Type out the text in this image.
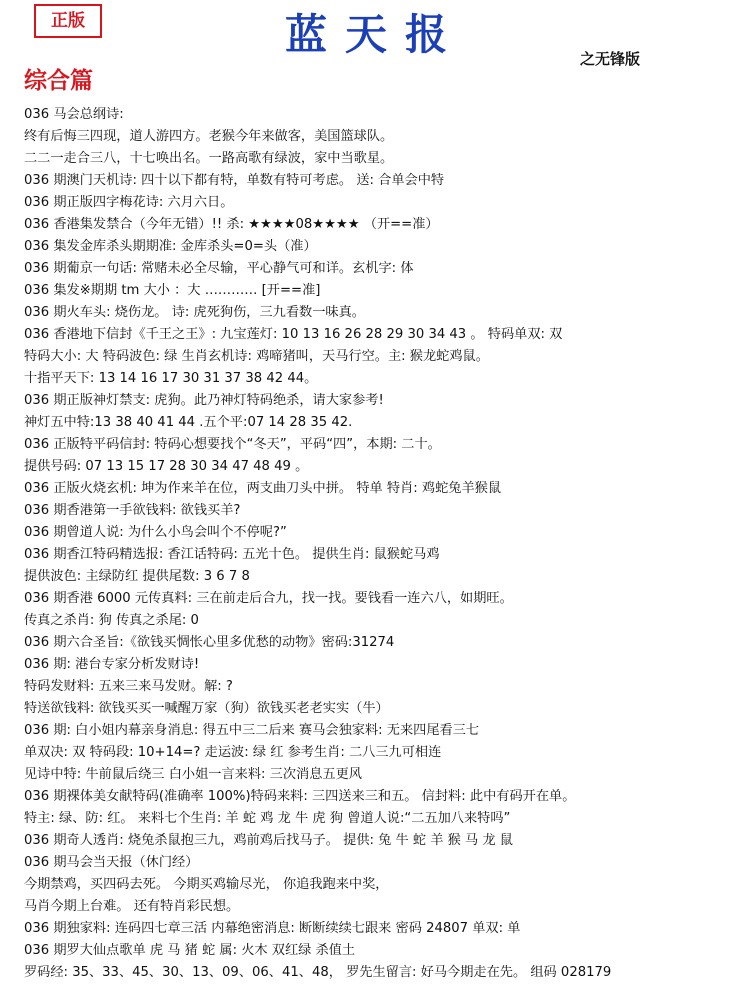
正版	蓝天报	之无锋版
综合篇
036 马会总纲诗:
终有后悔三四现，道人游四方。老猴今年来做客，美国篮球队。
二二一走合三八，十七唤出名。一路高歌有绿波，家中当歌星。
036 期澳门天机诗: 四十以下都有特，单数有特可考虑。 送: 合单会中特
036 期正版四字梅花诗: 六月六日。
036 香港集发禁合（今年无错）!! 杀: ★★★★08★★★★ （开==准）
036 集发金库杀头期期准: 金库杀头=0=头（准）
036 期葡京一句话: 常赌未必全尽输，平心静气可和详。玄机字: 体
036 集发※期期 tm 大小 ：大 ………… [开==准]
036 期火车头: 烧伤龙。 诗: 虎死狗伤，三九看数一味真。
036 香港地下信封《千王之王》: 九宝莲灯: 10 13 16 26 28 29 30 34 43 。 特码单双: 双
特码大小: 大 特码波色: 绿 生肖玄机诗: 鸡啼猪叫，天马行空。主: 猴龙蛇鸡鼠。
十指平天下: 13 14 16 17 30 31 37 38 42 44。
036 期正版神灯禁支: 虎狗。此乃神灯特码绝杀，请大家参考!
神灯五中特:13 38 40 41 44 .五个平:07 14 28 35 42.
036 正版特平码信封: 特码心想要找个“冬天”，平码“四”，本期: 二十。
提供号码: 07 13 15 17 28 30 34 47 48 49 。
036 正版火烧玄机: 坤为作来羊在位，两支曲刀头中拼。 特单 特肖: 鸡蛇兔羊猴鼠
036 期香港第一手欲钱料: 欲钱买羊?
036 期曾道人说: 为什么小鸟会叫个不停呢?”
036 期香江特码精选报: 香江话特码: 五光十色。 提供生肖: 鼠猴蛇马鸡
提供波色: 主绿防红 提供尾数: 3 6 7 8
036 期香港 6000 元传真料: 三在前走后合九，找一找。要钱看一连六八，如期旺。
传真之杀肖: 狗 传真之杀尾: 0
036 期六合圣旨:《欲钱买惆怅心里多优愁的动物》密码:31274
036 期: 港台专家分析发财诗!
特码发财料: 五来三来马发财。解: ?
特送欲钱料: 欲钱买买一喊醒万家（狗）欲钱买老老实实（牛）
036 期: 白小姐内幕亲身消息: 得五中三二后来 赛马会独家料: 无来四尾看三七
单双决: 双 特码段: 10+14=? 走运波: 绿 红 参考生肖: 二八三九可相连
见诗中特: 牛前鼠后绕三 白小姐一言来料: 三次消息五更风
036 期裸体美女献特码(准确率 100%)特码来料: 三四送来三和五。 信封料: 此中有码开在单。
特主: 绿、防: 红。 来料七个生肖: 羊 蛇 鸡 龙 牛 虎 狗 曾道人说:“二五加八来特吗”
036 期奇人透肖: 烧兔杀鼠抱三九，鸡前鸡后找马子。 提供: 兔 牛 蛇 羊 猴 马 龙 鼠
036 期马会当天报（休门经）
今期禁鸡，买四码去死。 今期买鸡输尽光， 你追我跑来中奖，
马肖今期上台难。 还有特肖彩民想。
036 期独家料: 连码四七章三活 内幕绝密消息: 断断续续七跟来 密码 24807 单双: 单
036 期罗大仙点歌单 虎 马 猪 蛇 属: 火木 双红绿 杀值土
罗码经: 35、33、45、30、13、09、06、41、48， 罗先生留言: 好马今期走在先。 组码 028179
